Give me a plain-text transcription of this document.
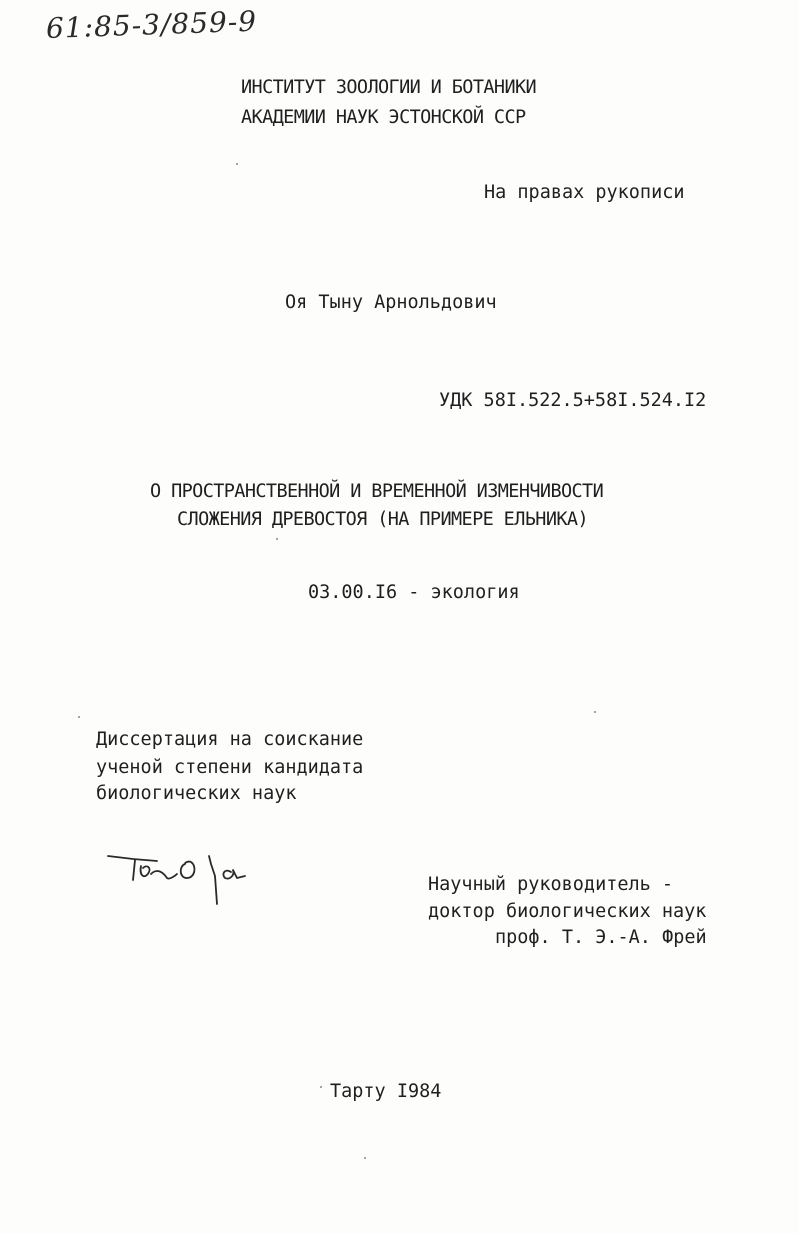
61:85-3/859-9

ИНСТИТУТ ЗООЛОГИИ И БОТАНИКИ

АКАДЕМИИ НАУК ЭСТОНСКОЙ ССР

На правах рукописи

Оя Тыну Арнольдович

УДК 58I.522.5+58I.524.I2

О ПРОСТРАНСТВЕННОЙ И ВРЕМЕННОЙ ИЗМЕНЧИВОСТИ

СЛОЖЕНИЯ ДРЕВОСТОЯ (НА ПРИМЕРЕ ЕЛЬНИКА)

03.00.I6 - экология

Диссертация на соискание

ученой степени кандидата

биологических наук

Научный руководитель -

доктор биологических наук

проф. Т. Э.-А. Фрей

Тарту I984
